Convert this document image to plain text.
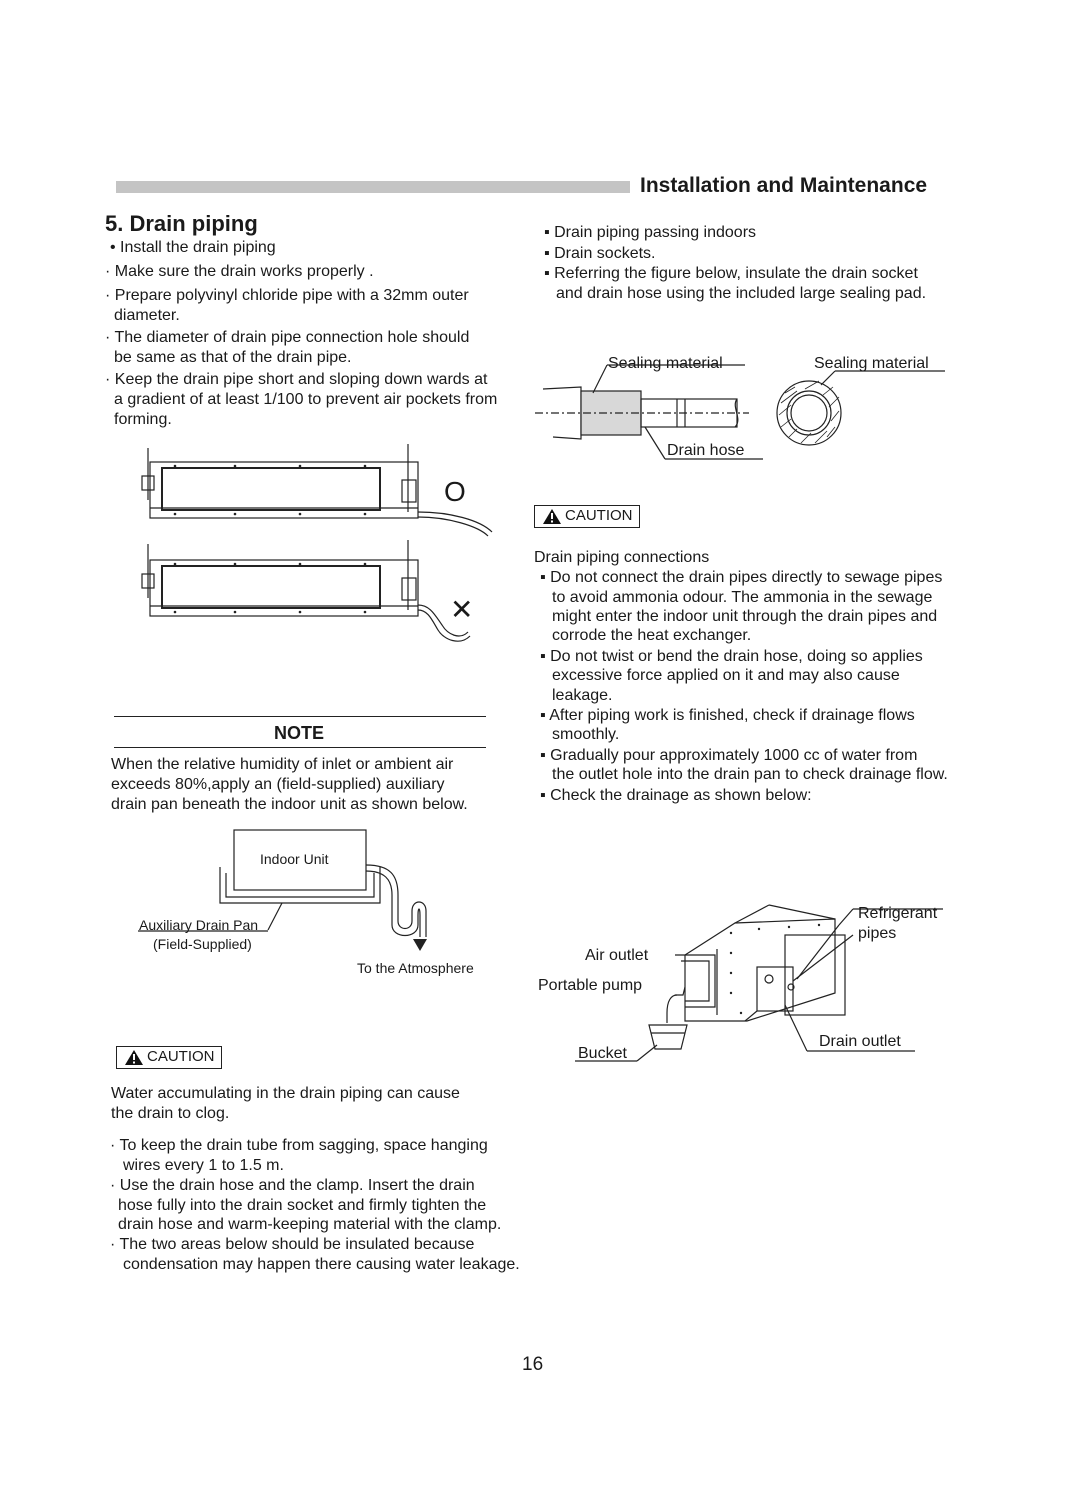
Installation and Maintenance
5. Drain piping
• Install the drain piping
· Make sure the drain works properly .
· Prepare polyvinyl chloride pipe with a 32mm outer
diameter.
· The diameter of drain pipe connection hole should
be same as that of the drain pipe.
· Keep the drain pipe short and sloping down wards at
a gradient of at least 1/100 to prevent air pockets from
forming.
O
✕
NOTE
When the relative humidity of inlet or ambient air
exceeds 80%,apply an (field-supplied) auxiliary
drain pan beneath the indoor unit as shown below.
Indoor Unit
Auxiliary Drain Pan
(Field-Supplied)
To the Atmosphere
CAUTION
Water accumulating in the drain piping can cause
the drain to clog.
· To keep the drain tube from sagging, space hanging
wires every 1 to 1.5 m.
· Use the drain hose and the clamp. Insert the drain
hose fully into the drain socket and firmly tighten the
drain hose and warm-keeping material with the clamp.
· The two areas below should be insulated because
condensation may happen there causing water leakage.
▪ Drain piping passing indoors
▪ Drain sockets.
▪ Referring the figure below, insulate the drain socket
and drain hose using the included large sealing pad.
Sealing material	Sealing material
Drain hose
CAUTION
Drain piping connections
▪ Do not connect the drain pipes directly to sewage pipes
to avoid ammonia odour. The ammonia in the sewage
might enter the indoor unit through the drain pipes and
corrode the heat exchanger.
▪ Do not twist or bend the drain hose, doing so applies
excessive force applied on it and may also cause
leakage.
▪ After piping work is finished, check if drainage flows
smoothly.
▪ Gradually pour approximately 1000 cc of water from
the outlet hole into the drain pan to check drainage flow.
▪ Check the drainage as shown below:
Refrigerant
pipes
Air outlet
Portable pump
Bucket
Drain outlet
16
